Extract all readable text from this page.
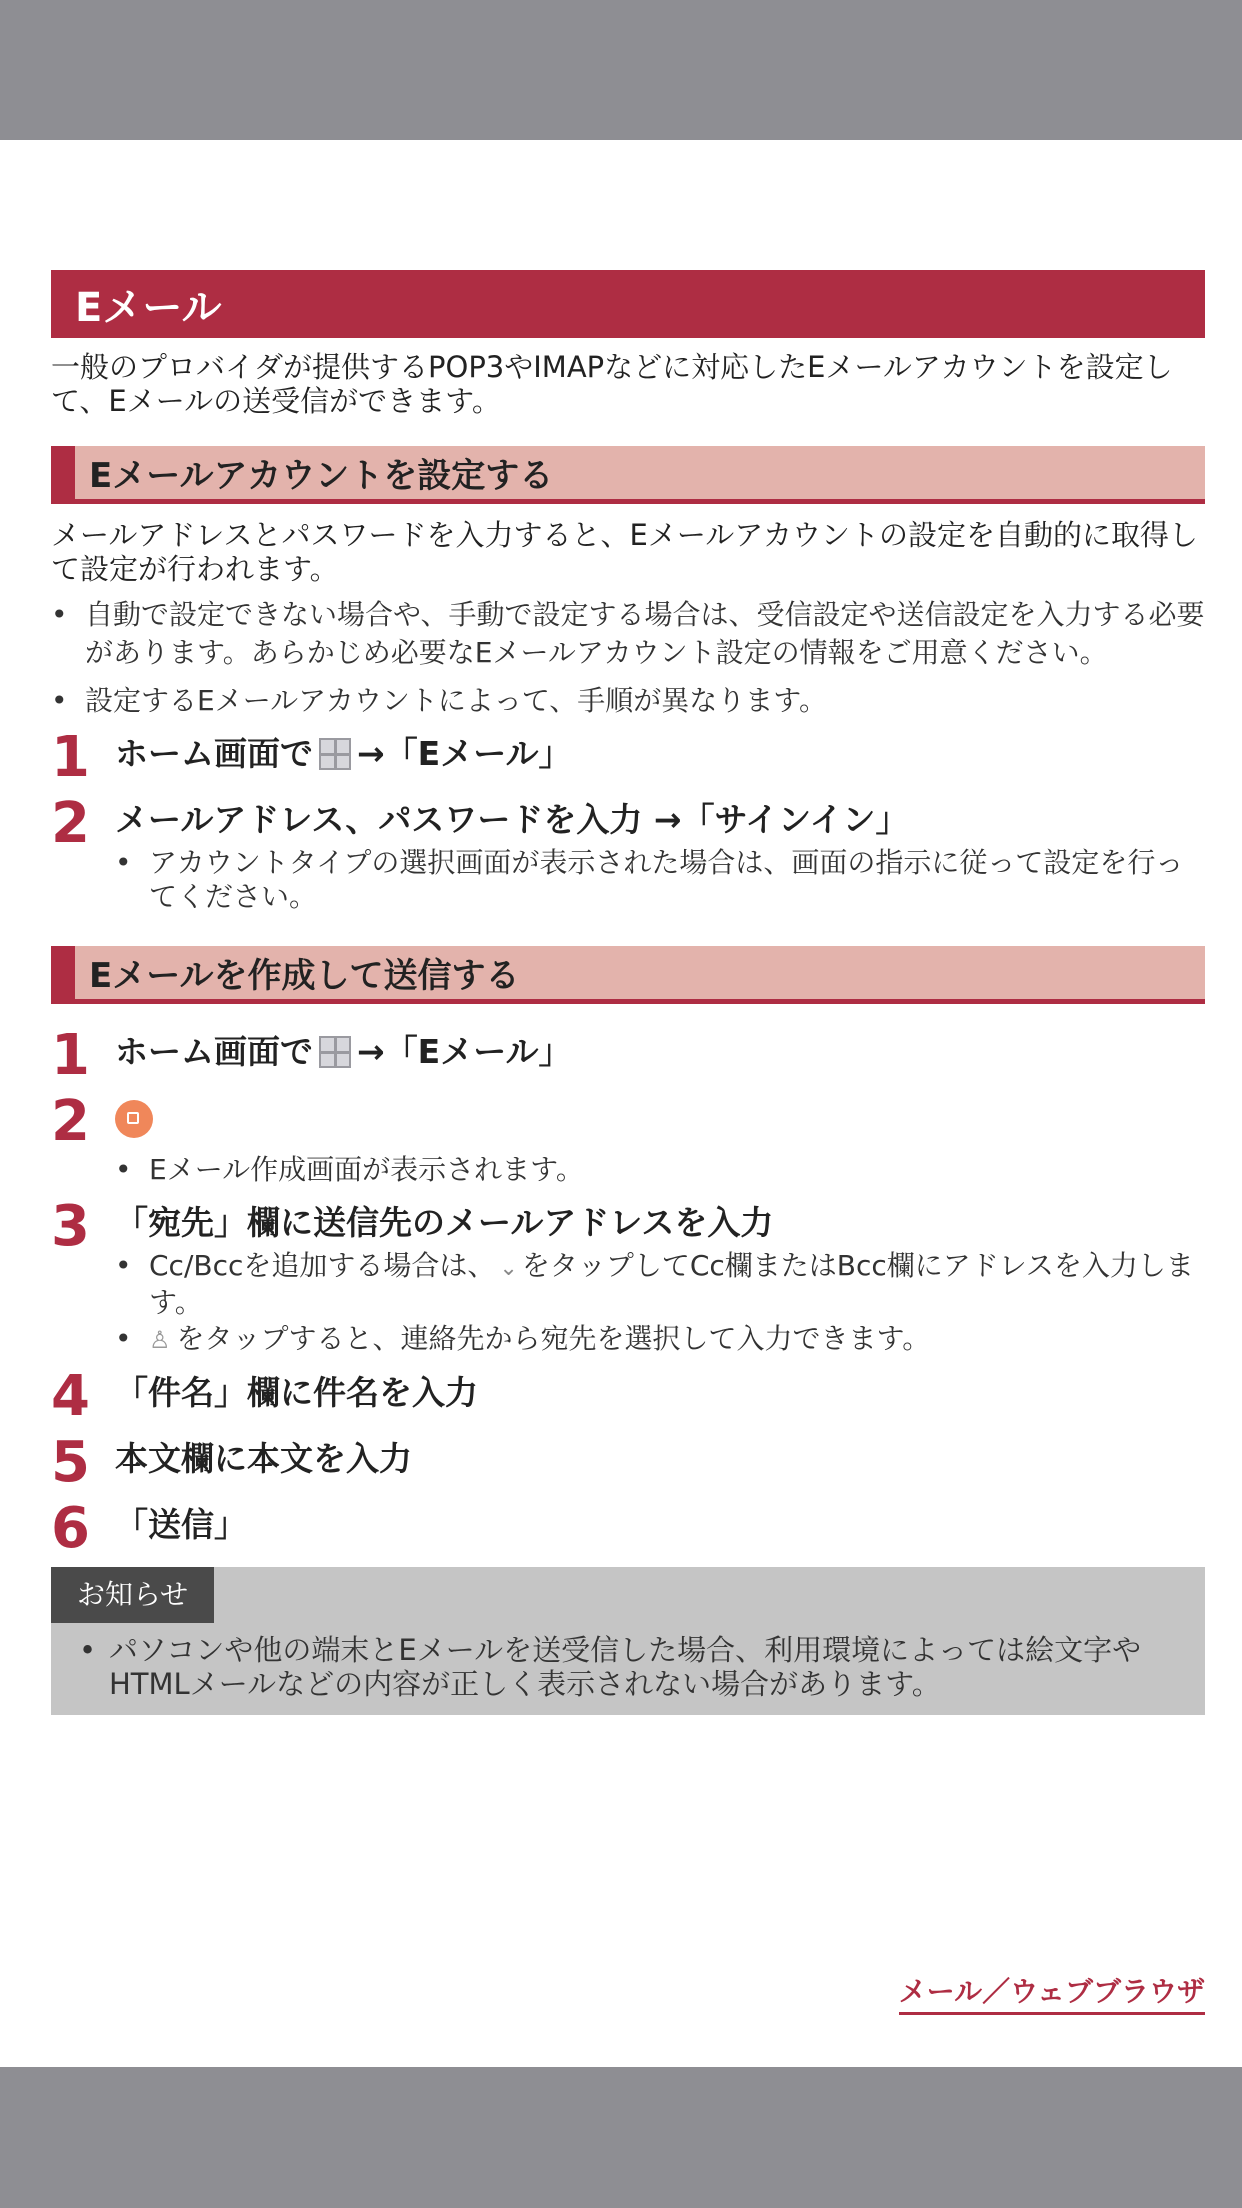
Eメール
一般のプロバイダが提供するPOP3やIMAPなどに対応したEメールアカウントを設定して、Eメールの送受信ができます。
Eメールアカウントを設定する
メールアドレスとパスワードを入力すると、Eメールアカウントの設定を自動的に取得して設定が行われます。
• 自動で設定できない場合や、手動で設定する場合は、受信設定や送信設定を入力する必要があります。あらかじめ必要なEメールアカウント設定の情報をご用意ください。
• 設定するEメールアカウントによって、手順が異なります。
1 ホーム画面で →「Eメール」
2 メールアドレス、パスワードを入力 →「サインイン」
• アカウントタイプの選択画面が表示された場合は、画面の指示に従って設定を行ってください。
Eメールを作成して送信する
1 ホーム画面で →「Eメール」
2
• Eメール作成画面が表示されます。
3 「宛先」欄に送信先のメールアドレスを入力
• Cc/Bccを追加する場合は、 ⌄ をタップしてCc欄またはBcc欄にアドレスを入力します。
• ♙ をタップすると、連絡先から宛先を選択して入力できます。
4 「件名」欄に件名を入力
5 本文欄に本文を入力
6 「送信」
お知らせ
• パソコンや他の端末とEメールを送受信した場合、利用環境によっては絵文字やHTMLメールなどの内容が正しく表示されない場合があります。
メール／ウェブブラウザ
